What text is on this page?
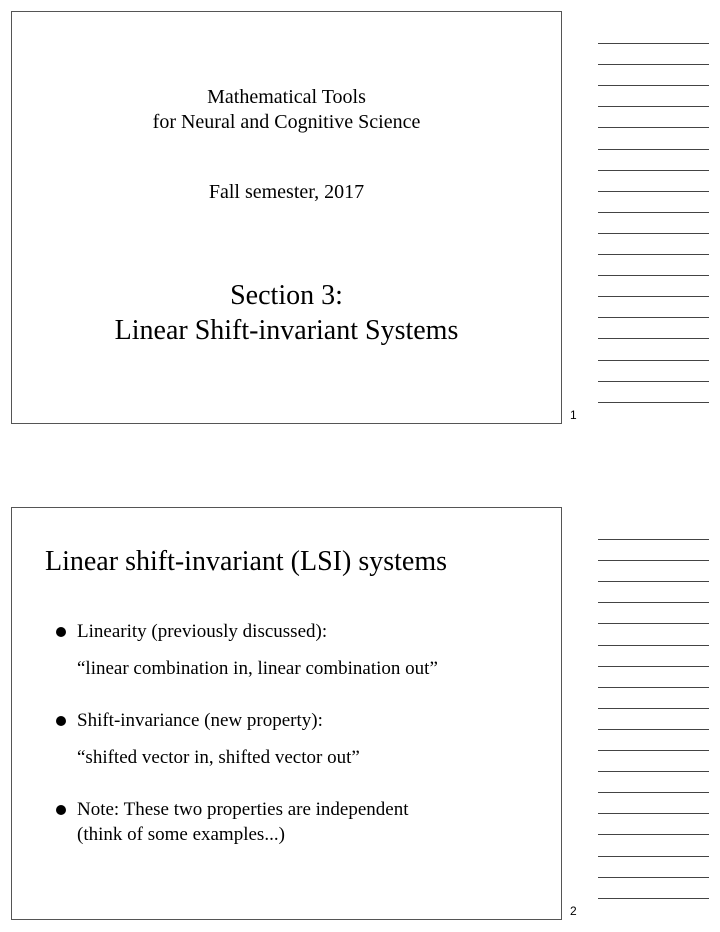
Mathematical Tools
for Neural and Cognitive Science
Fall semester, 2017
Section 3:
Linear Shift-invariant Systems
1
Linear shift-invariant (LSI) systems
Linearity (previously discussed):
“linear combination in, linear combination out”
Shift-invariance (new property):
“shifted vector in, shifted vector out”
Note: These two properties are independent
(think of some examples...)
2
